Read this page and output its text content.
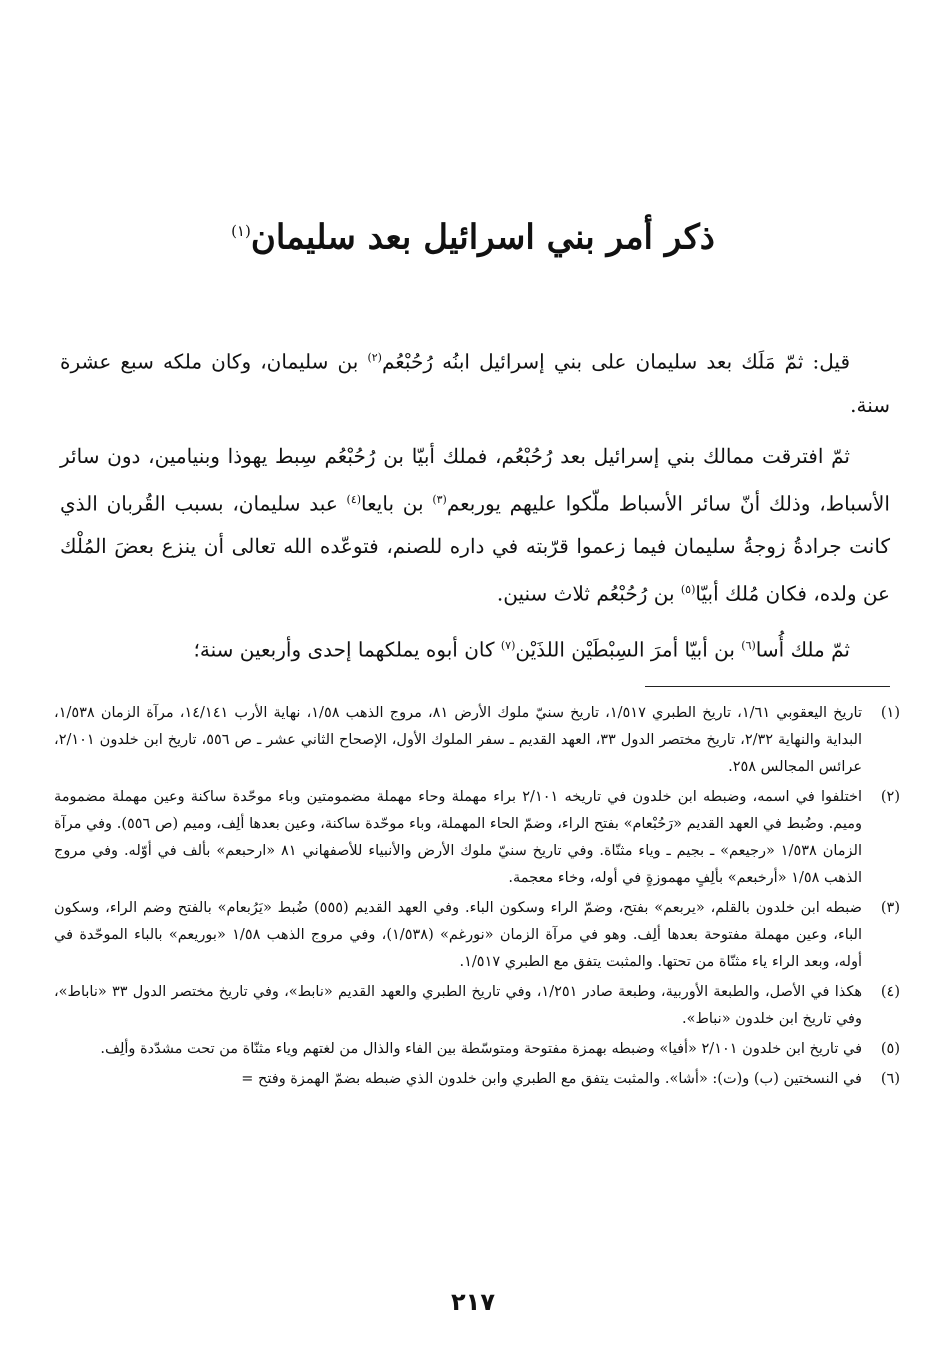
ذكر أمر بني اسرائيل بعد سليمان$^{(١)}$

قيل: ثمّ مَلَك بعد سليمان على بني إسرائيل ابنُه رُحُبْعُم$^{(٢)}$ بن سليمان، وكان ملكه سبع عشرة سنة.

ثمّ افترقت ممالك بني إسرائيل بعد رُحُبْعُم، فملك أبيّا بن رُحُبْعُم سِبط يهوذا وبنيامين، دون سائر الأسباط، وذلك أنّ سائر الأسباط ملّكوا عليهم يوربعم$^{(٣)}$ بن بايعا$^{(٤)}$ عبد سليمان، بسبب القُربان الذي كانت جرادةُ زوجةُ سليمان فيما زعموا قرّبته في داره للصنم، فتوعّده الله تعالى أن ينزع بعضَ المُلْك عن ولده، فكان مُلك أبيّا$^{(٥)}$ بن رُحُبْعُم ثلاث سنين.

ثمّ ملك أُسا$^{(٦)}$ بن أبيّا أمرَ السِبْطَيْن اللذَيْن$^{(٧)}$ كان أبوه يملكهما إحدى وأربعين سنة؛

(١)
تاريخ اليعقوبي ١/٦١، تاريخ الطبري ١/٥١٧، تاريخ سنيّ ملوك الأرض ٨١، مروج الذهب ١/٥٨، نهاية الأرب ١٤/١٤١، مرآة الزمان ١/٥٣٨، البداية والنهاية ٢/٣٢، تاريخ مختصر الدول ٣٣، العهد القديم ـ سفر الملوك الأول، الإصحاح الثاني عشر ـ ص ٥٥٦، تاريخ ابن خلدون ٢/١٠١، عرائس المجالس ٢٥٨.
(٢)
اختلفوا في اسمه، وضبطه ابن خلدون في تاريخه ٢/١٠١ براء مهملة وحاء مهملة مضمومتين وباء موحّدة ساكنة وعين مهملة مضمومة وميم. وضُبط في العهد القديم «رَحُبْعام» بفتح الراء، وضمّ الحاء المهملة، وباء موحّدة ساكنة، وعين بعدها ألِف، وميم (ص ٥٥٦). وفي مرآة الزمان ١/٥٣٨ «رجيعم» ـ بجيم ـ وياء مثنّاة. وفي تاريخ سنيّ ملوك الأرض والأنبياء للأصفهاني ٨١ «ارحبعم» بألف في أوّله. وفي مروج الذهب ١/٥٨ «أرخبعم» بألِفٍ مهموزةٍ في أوله، وخاء معجمة.
(٣)
ضبطه ابن خلدون بالقلم، «يربعم» بفتح، وضمّ الراء وسكون الباء. وفي العهد القديم (٥٥٥) ضُبط «يَرُبعام» بالفتح وضم الراء، وسكون الباء، وعين مهملة مفتوحة بعدها ألِف. وهو في مرآة الزمان «نورغم» (١/٥٣٨)، وفي مروج الذهب ١/٥٨ «بوريعم» بالباء الموحّدة في أوله، وبعد الراء ياء مثنّاة من تحتها. والمثبت يتفق مع الطبري ١/٥١٧.
(٤)
هكذا في الأصل، والطبعة الأوربية، وطبعة صادر ١/٢٥١، وفي تاريخ الطبري والعهد القديم «نابط»، وفي تاريخ مختصر الدول ٣٣ «ناباط»، وفي تاريخ ابن خلدون «نباط».
(٥)
في تاريخ ابن خلدون ٢/١٠١ «أفيا» وضبطه بهمزة مفتوحة ومتوسّطة بين الفاء والذال من لغتهم وياء مثنّاة من تحت مشدّدة وألِف.
(٦)
في النسختين (ب) و(ت): «أشا». والمثبت يتفق مع الطبري وابن خلدون الذي ضبطه بضمّ الهمزة وفتح =
٢١٧
